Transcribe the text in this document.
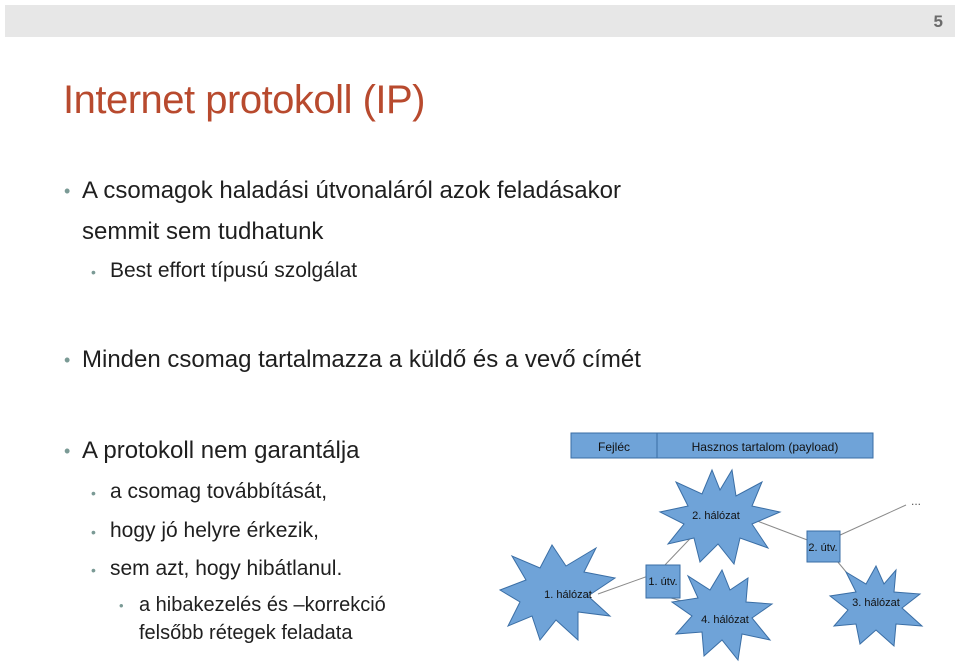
5
Internet protokoll (IP)
• A csomagok haladási útvonaláról azok feladásakor
semmit sem tudhatunk
• Best effort típusú szolgálat
• Minden csomag tartalmazza a küldő és a vevő címét
• A protokoll nem garantálja
• a csomag továbbítását,
• hogy jó helyre érkezik,
• sem azt, hogy hibátlanul.
• a hibakezelés és –korrekció
felsőbb rétegek feladata
Fejléc	Hasznos tartalom (payload)
1. útv.
2. útv.
1. hálózat
2. hálózat
4. hálózat
3. hálózat
...
